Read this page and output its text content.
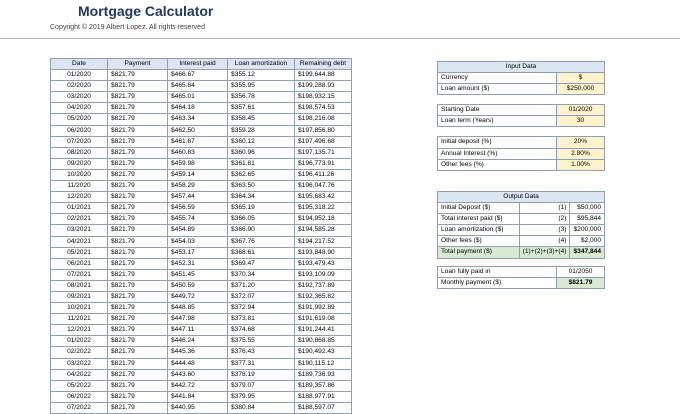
Mortgage Calculator
Copyright © 2019 Albert Lopez. All rights reserved
Date	Payment	Interest paid	Loan amortization	Remaining debt
01/2020	$821.79	$466.67	$355.12	$199,644.88
02/2020	$821.79	$465.84	$355.95	$199,288.93
03/2020	$821.79	$465.01	$356.78	$198,932.15
04/2020	$821.79	$464.18	$357.61	$198,574.53
05/2020	$821.79	$463.34	$358.45	$198,216.08
06/2020	$821.79	$462.50	$359.28	$197,856.80
07/2020	$821.79	$461.67	$360.12	$197,496.68
08/2020	$821.79	$460.83	$360.96	$197,135.71
09/2020	$821.79	$459.98	$361.81	$196,773.91
10/2020	$821.79	$459.14	$362.65	$196,411.26
11/2020	$821.79	$458.29	$363.50	$196,047.76
12/2020	$821.79	$457.44	$364.34	$195,683.42
01/2021	$821.79	$456.59	$365.19	$195,318.22
02/2021	$821.79	$455.74	$366.05	$194,952.18
03/2021	$821.79	$454.89	$366.90	$194,585.28
04/2021	$821.79	$454.03	$367.76	$194,217.52
05/2021	$821.79	$453.17	$368.61	$193,848.90
06/2021	$821.79	$452.31	$369.47	$193,479.43
07/2021	$821.79	$451.45	$370.34	$193,109.09
08/2021	$821.79	$450.59	$371.20	$192,737.89
09/2021	$821.79	$449.72	$372.07	$192,365.82
10/2021	$821.79	$448.85	$372.94	$191,992.89
11/2021	$821.79	$447.98	$373.81	$191,619.08
12/2021	$821.79	$447.11	$374.68	$191,244.41
01/2022	$821.79	$446.24	$375.55	$190,868.85
02/2022	$821.79	$445.36	$376.43	$190,492.43
03/2022	$821.79	$444.48	$377.31	$190,115.12
04/2022	$821.79	$443.60	$378.19	$189,736.93
05/2022	$821.79	$442.72	$379.07	$189,357.86
06/2022	$821.79	$441.84	$379.95	$188,977.91
07/2022	$821.79	$440.95	$380.84	$188,597.07
Input Data	
Currency	$
Loan amount ($)	$250,000

Starting Date	01/2020
Loan term (Years)	30

Initial deposit (%)	20%
Annual Interest (%)	2.80%
Other fees (%)	1.00%
Output Data		
Initial Deposit ($)	(1)	$50,000
Total interest paid ($)	(2)	$95,844
Loan amortization ($)	(3)	$200,000
Other fees ($)	(4)	$2,000
Total payment ($)	(1)+(2)+(3)+(4)	$347,844
Loan fully paid in	01/2050
Monthly payment ($)	$821.79
